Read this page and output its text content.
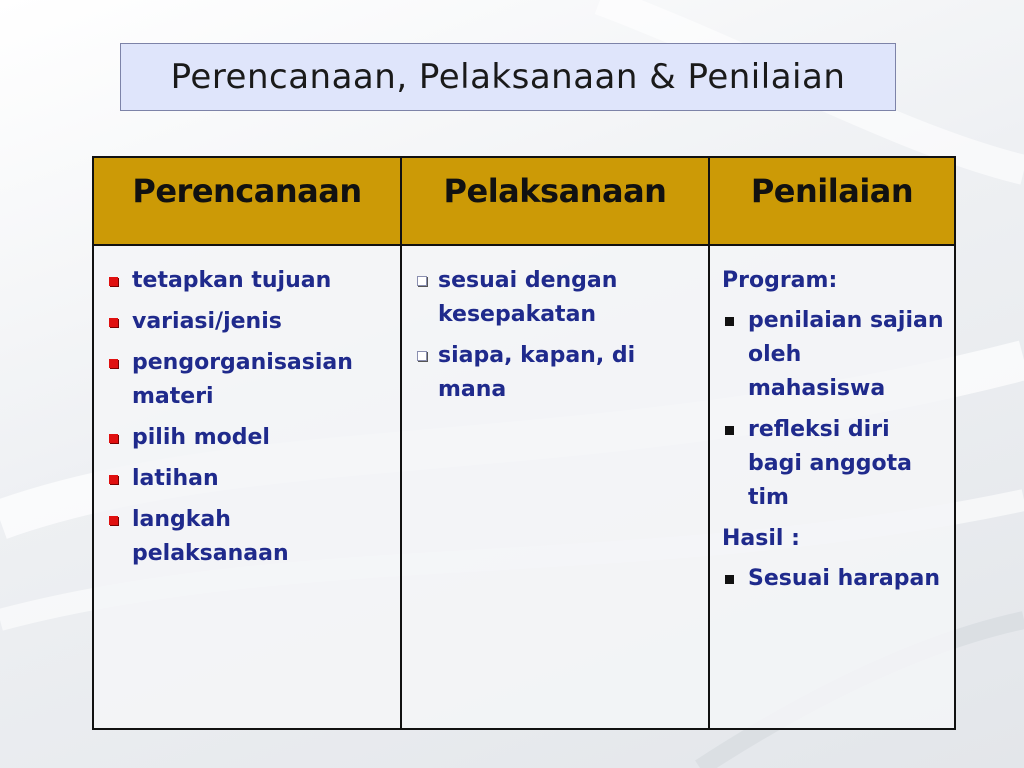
Perencanaan, Pelaksanaan & Penilaian
Perencanaan	Pelaksanaan	Penilaian
tetapkan tujuan
variasi/jenis
pengorganisasian materi
pilih model
latihan
langkah pelaksanaan
sesuai dengan kesepakatan
siapa, kapan, di mana
Program:
penilaian sajian oleh mahasiswa
refleksi diri bagi anggota tim
Hasil :
Sesuai harapan
